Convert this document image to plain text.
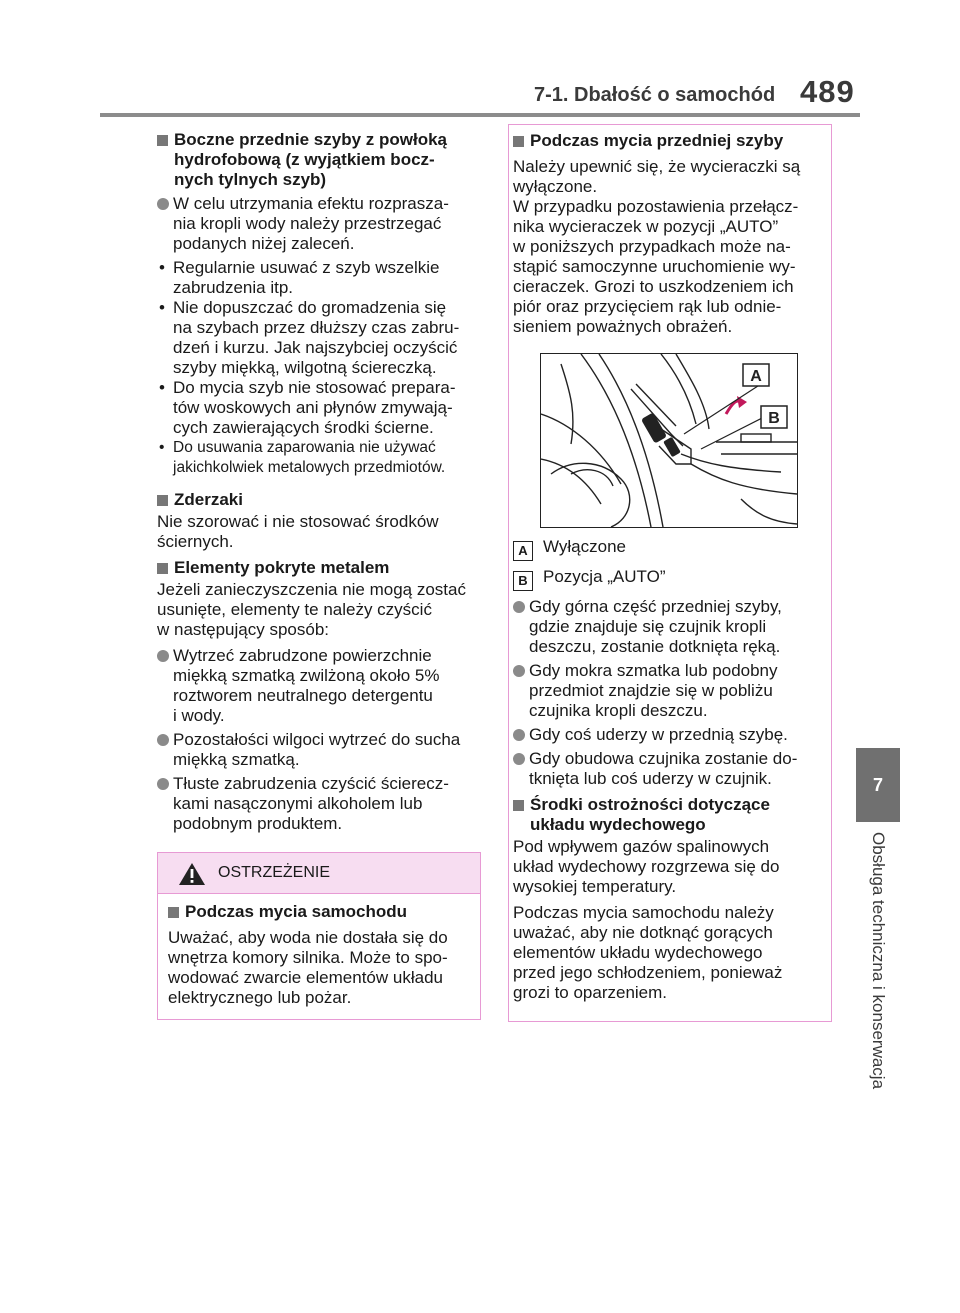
7-1. Dbałość o samochód 489
7
Obsługa techniczna i konserwacja
Boczne przednie szyby z powłoką
hydrofobową (z wyjątkiem bocz-
nych tylnych szyb)
W celu utrzymania efektu rozprasza-
nia kropli wody należy przestrzegać
podanych niżej zaleceń.
• Regularnie usuwać z szyb wszelkie
zabrudzenia itp.
• Nie dopuszczać do gromadzenia się
na szybach przez dłuższy czas zabru-
dzeń i kurzu. Jak najszybciej oczyścić
szyby miękką, wilgotną ściereczką.
• Do mycia szyb nie stosować prepara-
tów woskowych ani płynów zmywają-
cych zawierających środki ścierne.
• Do usuwania zaparowania nie używać
jakichkolwiek metalowych przedmiotów.
Zderzaki
Nie szorować i nie stosować środków
ściernych.
Elementy pokryte metalem
Jeżeli zanieczyszczenia nie mogą zostać
usunięte, elementy te należy czyścić
w następujący sposób:
Wytrzeć zabrudzone powierzchnie
miękką szmatką zwilżoną około 5%
roztworem neutralnego detergentu
i wody.
Pozostałości wilgoci wytrzeć do sucha
miękką szmatką.
Tłuste zabrudzenia czyścić ścierecz-
kami nasączonymi alkoholem lub
podobnym produktem.
OSTRZEŻENIE
Podczas mycia samochodu
Uważać, aby woda nie dostała się do
wnętrza komory silnika. Może to spo-
wodować zwarcie elementów układu
elektrycznego lub pożar.
Podczas mycia przedniej szyby
Należy upewnić się, że wycieraczki są
wyłączone.
W przypadku pozostawienia przełącz-
nika wycieraczek w pozycji „AUTO”
w poniższych przypadkach może na-
stąpić samoczynne uruchomienie wy-
cieraczek. Grozi to uszkodzeniem ich
piór oraz przycięciem rąk lub odnie-
sieniem poważnych obrażeń.
A
B
A Wyłączone
B Pozycja „AUTO”
Gdy górna część przedniej szyby,
gdzie znajduje się czujnik kropli
deszczu, zostanie dotknięta ręką.
Gdy mokra szmatka lub podobny
przedmiot znajdzie się w pobliżu
czujnika kropli deszczu.
Gdy coś uderzy w przednią szybę.
Gdy obudowa czujnika zostanie do-
tknięta lub coś uderzy w czujnik.
Środki ostrożności dotyczące
układu wydechowego
Pod wpływem gazów spalinowych
układ wydechowy rozgrzewa się do
wysokiej temperatury.
Podczas mycia samochodu należy
uważać, aby nie dotknąć gorących
elementów układu wydechowego
przed jego schłodzeniem, ponieważ
grozi to oparzeniem.
